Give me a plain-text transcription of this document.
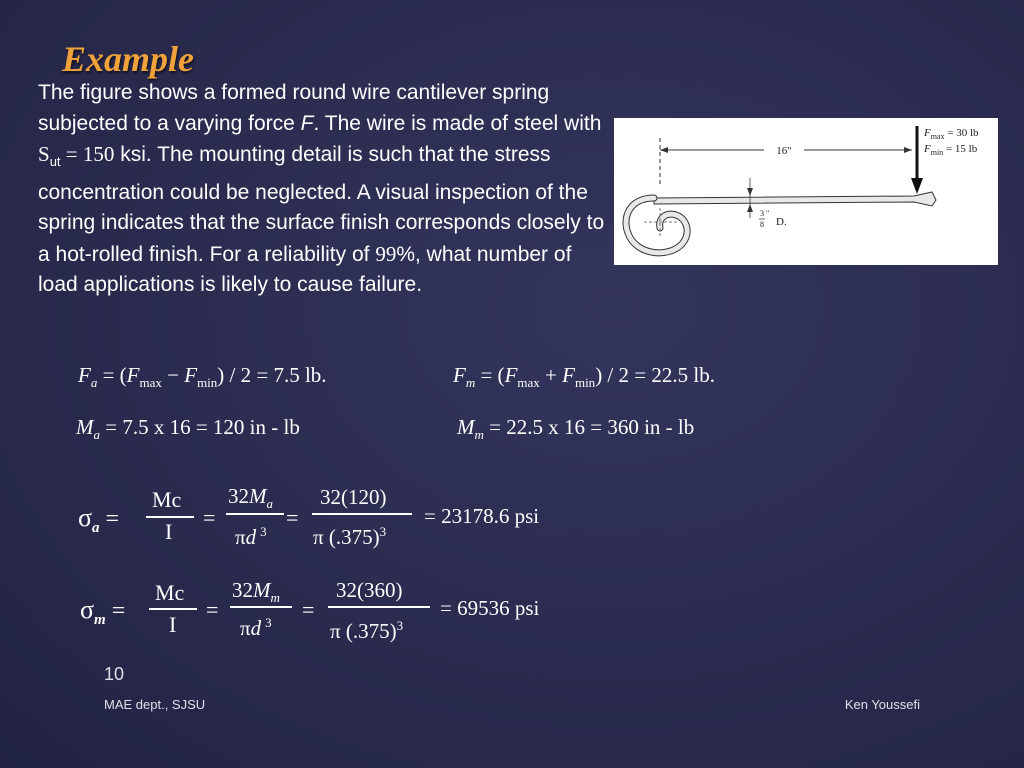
Example
The figure shows a formed round wire cantilever spring subjected to a varying force F. The wire is made of steel with $S_{ut} = 150$ ksi. The mounting detail is such that the stress concentration could be neglected. A visual inspection of the spring indicates that the surface finish corresponds closely to a hot-rolled finish. For a reliability of 99%, what number of load applications is likely to cause failure.
16"
$F_{max} = 30$ lb
$F_{min} = 15$ lb
3
8
"
D.
$F_a = (F_{max} - F_{min}) / 2 = 7.5$ lb.	$F_m = (F_{max} + F_{min}) / 2 = 22.5$ lb.
$M_a = 7.5$ x 16 = 120 in - lb	$M_m = 22.5$ x 16 = 360 in - lb
$\sigma_a$ =
Mc
I
=
$32M_a$
πd $^3$
=
32(120)
π $(.375)^3$
= 23178.6 psi
$\sigma_m$ =
Mc
I
=
$32M_m$
πd $^3$
=
32(360)
π $(.375)^3$
= 69536 psi
10
MAE dept., SJSU	Ken Youssefi
